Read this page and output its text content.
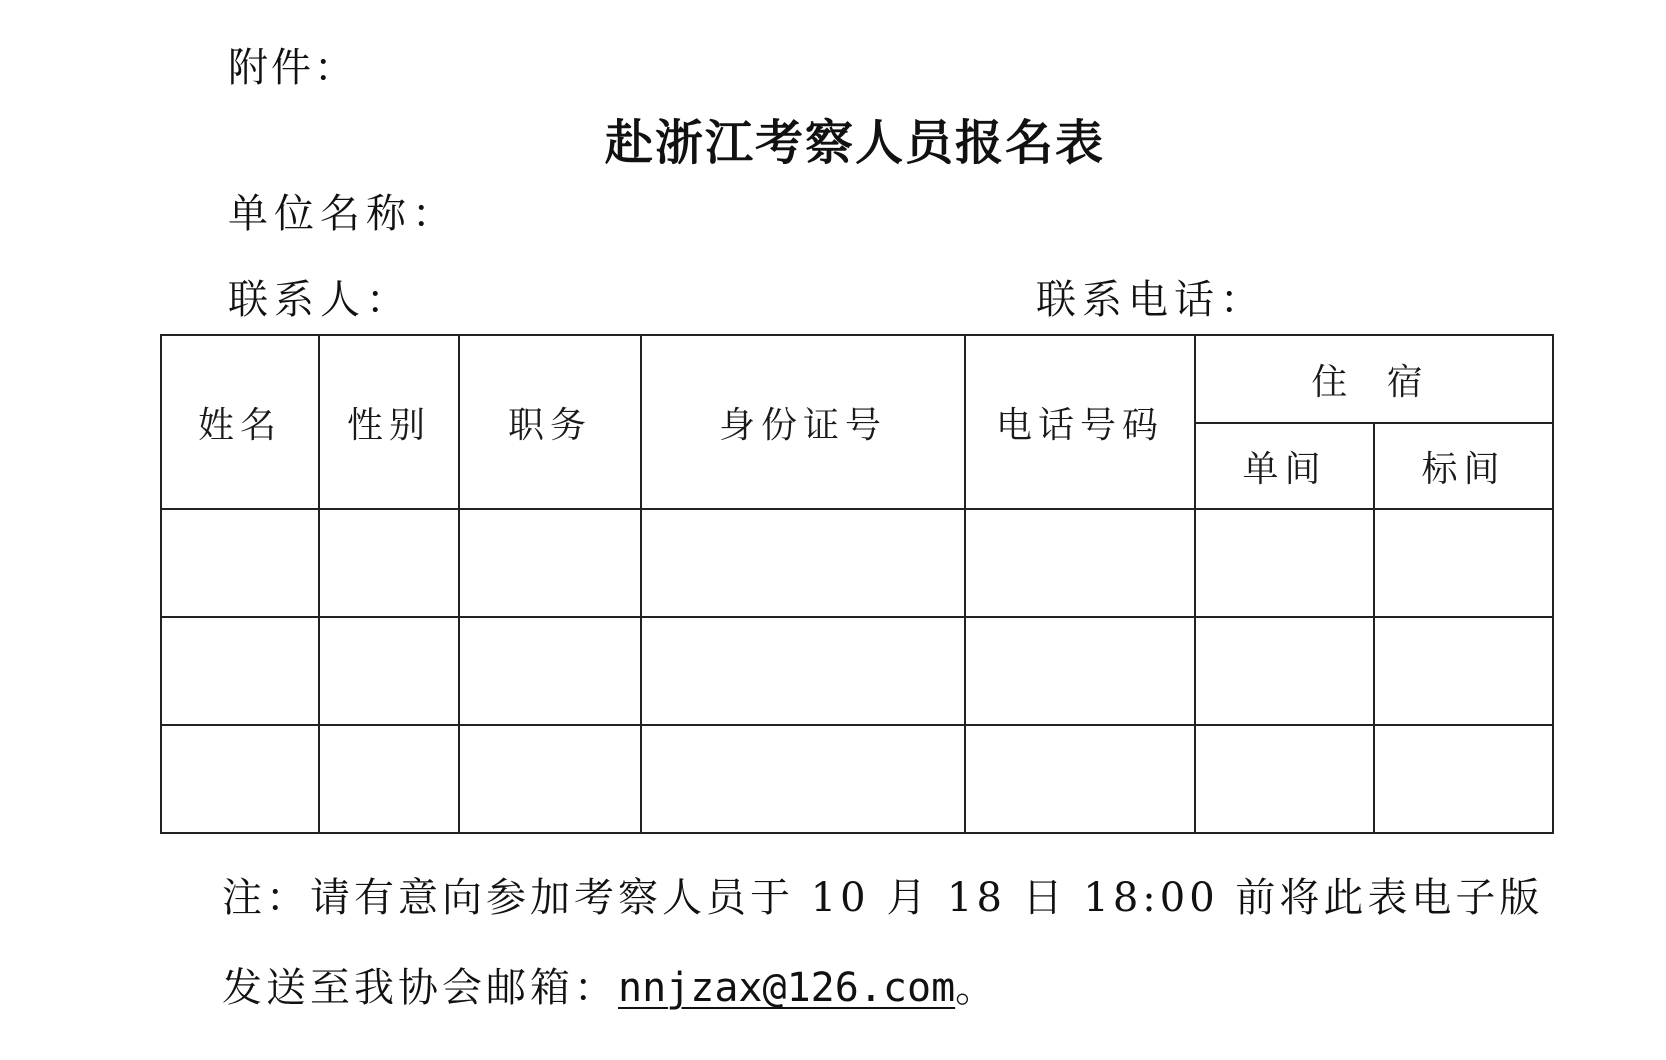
附件：
赴浙江考察人员报名表
单位名称：
联系人：	联系电话：
姓名	性别	职务	身份证号	电话号码	住 宿	
					单间	标间

注：请有意向参加考察人员于 10 月 18 日 18:00 前将此表电子版
发送至我协会邮箱：nnjzax@126.com。
